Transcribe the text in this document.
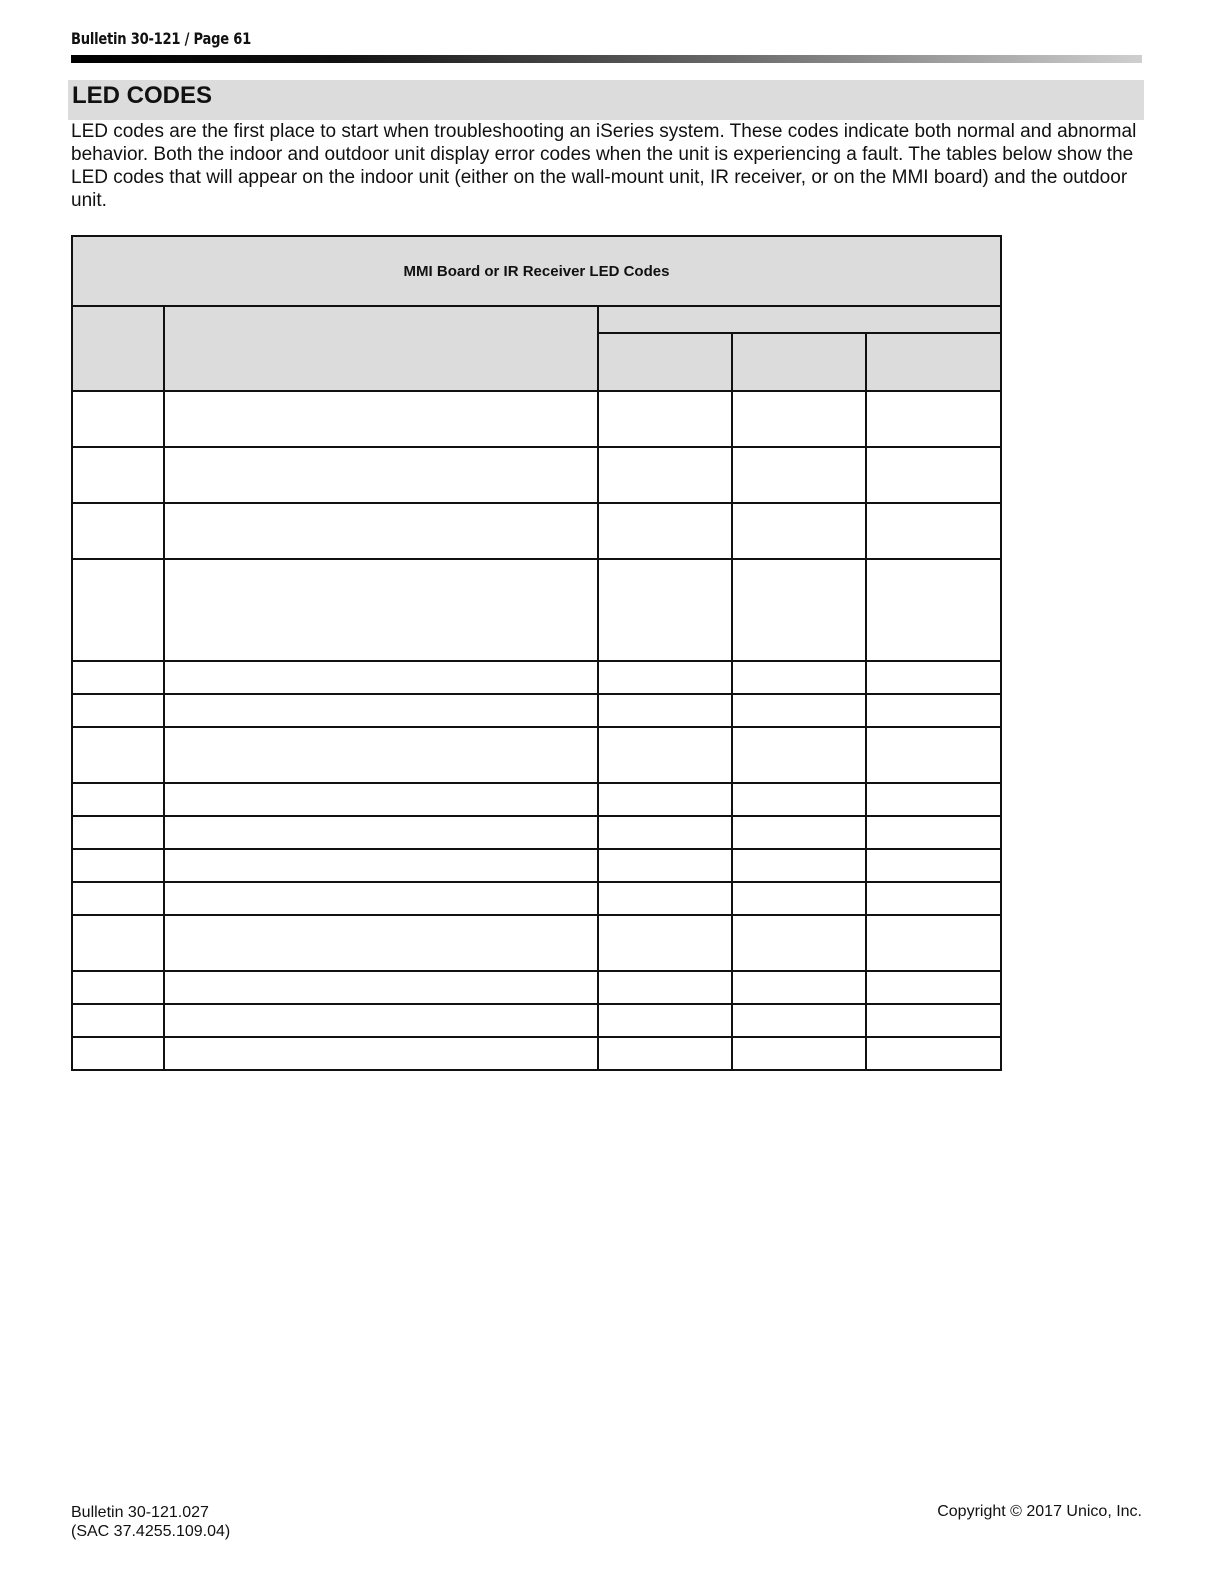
Bulletin 30-121 / Page 61
LED CODES

LED codes are the first place to start when troubleshooting an iSeries system. These codes indicate both normal and abnormal behavior. Both the indoor and outdoor unit display error codes when the unit is experiencing a fault. The tables below show the LED codes that will appear on the indoor unit (either on the wall-mount unit, IR receiver, or on the MMI board) and the outdoor unit.

MMI Board or IR Receiver LED Codes				

Bulletin 30-121.027
(SAC 37.4255.109.04)
Copyright © 2017 Unico, Inc.
